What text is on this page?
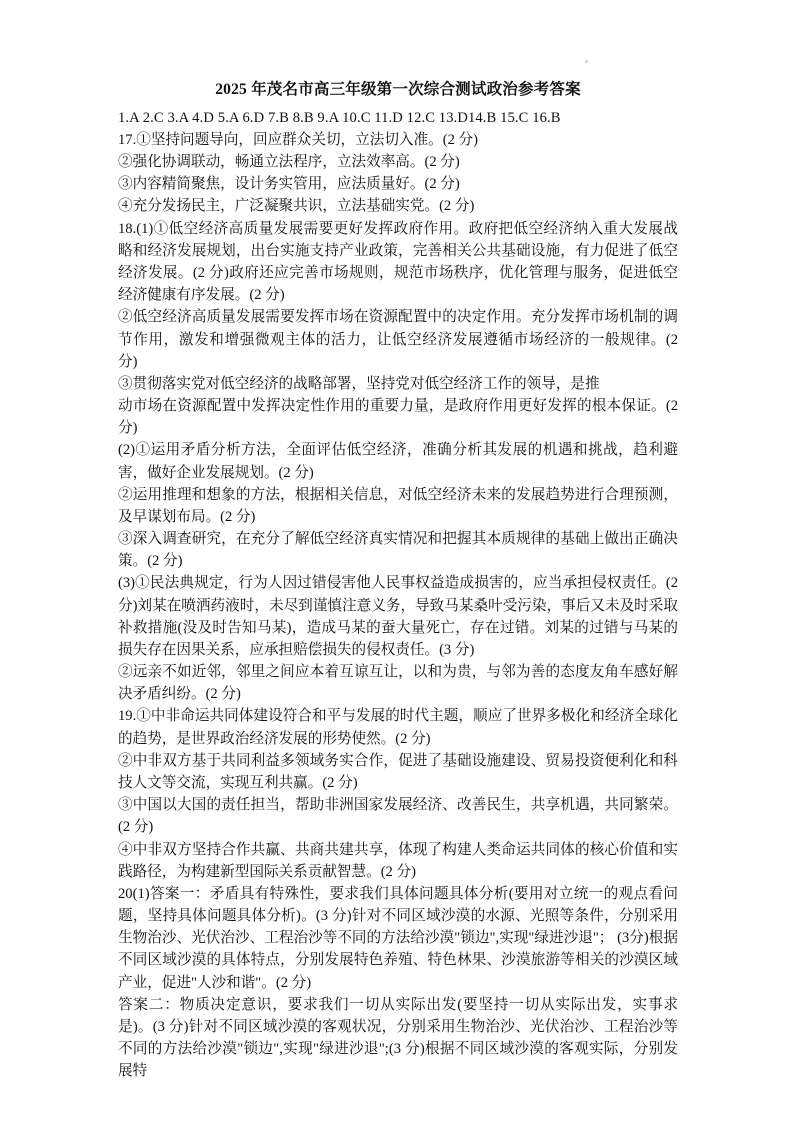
2025 年茂名市高三年级第一次综合测试政治参考答案
1.A 2.C 3.A 4.D 5.A 6.D 7.B 8.B 9.A 10.C 11.D 12.C 13.D14.B 15.C 16.B

17.①坚持问题导向，回应群众关切，立法切入准。(2 分)

②强化协调联动，畅通立法程序，立法效率高。(2 分)

③内容精简聚焦，设计务实管用，应法质量好。(2 分)

④充分发扬民主，广泛凝聚共识，立法基础实党。(2 分)

18.(1)①低空经济高质量发展需要更好发挥政府作用。政府把低空经济纳入重大发展战略和经济发展规划，出台实施支持产业政策，完善相关公共基础设施，有力促进了低空经济发展。(2 分)政府还应完善市场规则，规范市场秩序，优化管理与服务，促进低空经济健康有序发展。(2 分)

②低空经济高质量发展需要发挥市场在资源配置中的决定作用。充分发挥市场机制的调节作用，激发和增强微观主体的活力，让低空经济发展遵循市场经济的一般规律。(2 分)

③贯彻落实党对低空经济的战略部署，坚持党对低空经济工作的领导，是推

动市场在资源配置中发挥决定性作用的重要力量，是政府作用更好发挥的根本保证。(2 分)

(2)①运用矛盾分析方法，全面评估低空经济，准确分析其发展的机遇和挑战，趋利避害，做好企业发展规划。(2 分)

②运用推理和想象的方法，根据相关信息，对低空经济未来的发展趋势进行合理预测，及早谋划布局。(2 分)

③深入调查研究，在充分了解低空经济真实情况和把握其本质规律的基础上做出正确决策。(2 分)

(3)①民法典规定，行为人因过错侵害他人民事权益造成损害的，应当承担侵权责任。(2 分)刘某在喷洒药液时，未尽到谨慎注意义务，导致马某桑叶受污染，事后又未及时采取补救措施(没及时告知马某)，造成马某的蚕大量死亡，存在过错。刘某的过错与马某的损失存在因果关系，应承担赔偿损失的侵权责任。(3 分)

②远亲不如近邻，邻里之间应本着互谅互让，以和为贵，与邻为善的态度友角车感好解决矛盾纠纷。(2 分)

19.①中非命运共同体建设符合和平与发展的时代主题，顺应了世界多极化和经济全球化的趋势，是世界政治经济发展的形势使然。(2 分)

②中非双方基于共同利益多领域务实合作，促进了基础设施建设、贸易投资便利化和科技人文等交流，实现互利共赢。(2 分)

③中国以大国的责任担当，帮助非洲国家发展经济、改善民生，共享机遇，共同繁荣。(2 分)

④中非双方坚持合作共赢、共商共建共享，体现了构建人类命运共同体的核心价值和实践路径，为构建新型国际关系贡献智慧。(2 分)

20(1)答案一：矛盾具有特殊性，要求我们具体问题具体分析(要用对立统一的观点看问题，坚持具体问题具体分析)。(3 分)针对不同区域沙漠的水源、光照等条件，分别采用生物治沙、光伏治沙、工程治沙等不同的方法给沙漠"锁边",实现"绿进沙退"； (3分)根据不同区域沙漠的具体特点，分别发展特色养殖、特色林果、沙漠旅游等相关的沙漠区域产业，促进"人沙和谐"。(2 分)

答案二：物质决定意识，要求我们一切从实际出发(要坚持一切从实际出发，实事求是)。(3 分)针对不同区域沙漠的客观状况，分别采用生物治沙、光伏治沙、工程治沙等不同的方法给沙漠"锁边",实现"绿进沙退";(3 分)根据不同区域沙漠的客观实际，分别发展特
